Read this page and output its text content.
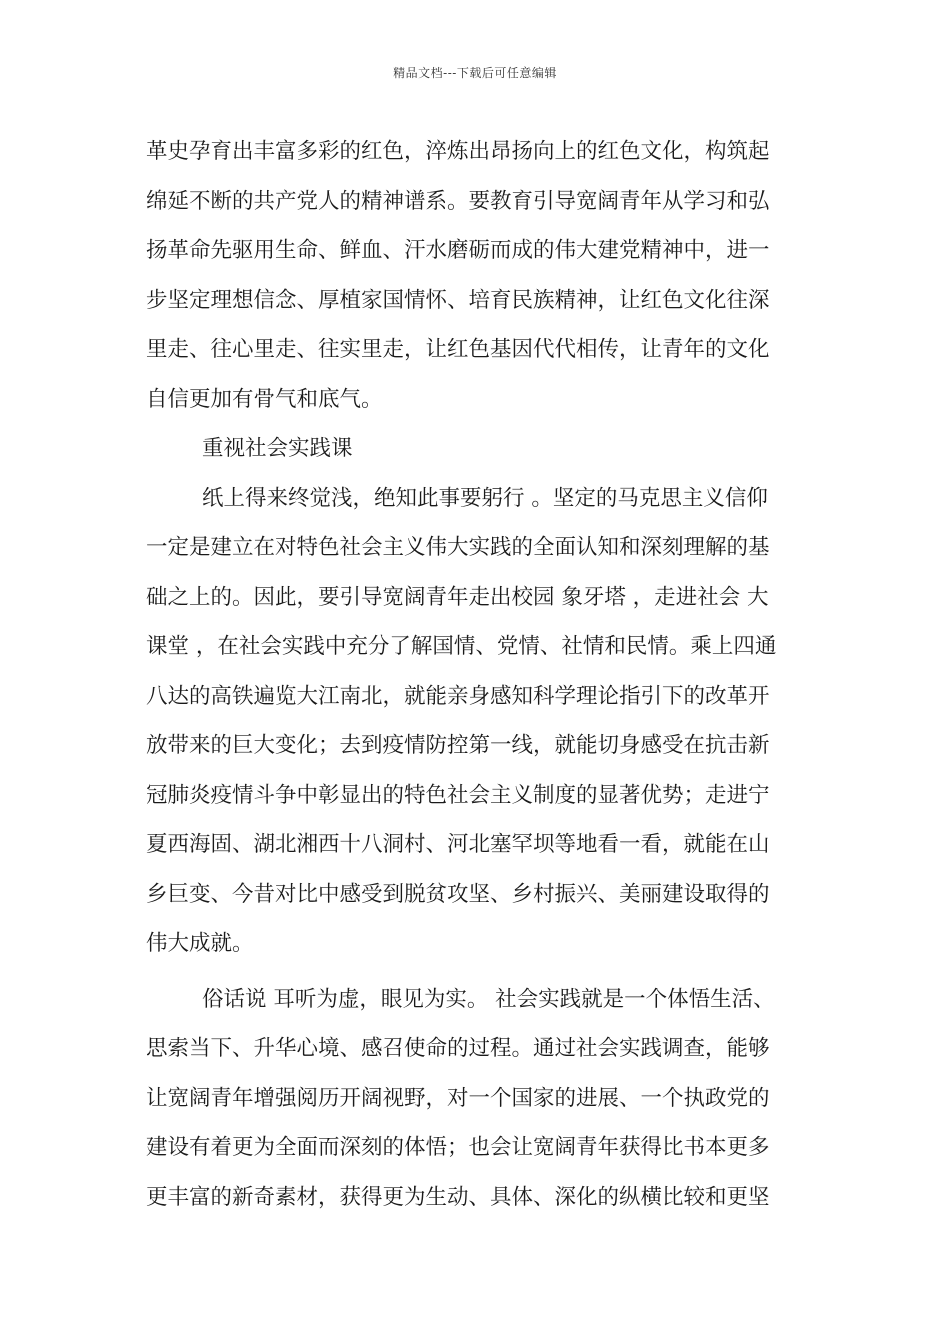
精品文档---下载后可任意编辑
革史孕育出丰富多彩的红色，淬炼出昂扬向上的红色文化，构筑起
绵延不断的共产党人的精神谱系。要教育引导宽阔青年从学习和弘
扬革命先驱用生命、鲜血、汗水磨砺而成的伟大建党精神中，进一
步坚定理想信念、厚植家国情怀、培育民族精神，让红色文化往深
里走、往心里走、往实里走，让红色基因代代相传，让青年的文化
自信更加有骨气和底气。
重视社会实践课
纸上得来终觉浅，绝知此事要躬行 。坚定的马克思主义信仰
一定是建立在对特色社会主义伟大实践的全面认知和深刻理解的基
础之上的。因此，要引导宽阔青年走出校园 象牙塔 ，走进社会 大
课堂 ，在社会实践中充分了解国情、党情、社情和民情。乘上四通
八达的高铁遍览大江南北，就能亲身感知科学理论指引下的改革开
放带来的巨大变化；去到疫情防控第一线，就能切身感受在抗击新
冠肺炎疫情斗争中彰显出的特色社会主义制度的显著优势；走进宁
夏西海固、湖北湘西十八洞村、河北塞罕坝等地看一看，就能在山
乡巨变、今昔对比中感受到脱贫攻坚、乡村振兴、美丽建设取得的
伟大成就。
俗话说 耳听为虚，眼见为实。 社会实践就是一个体悟生活、
思索当下、升华心境、感召使命的过程。通过社会实践调查，能够
让宽阔青年增强阅历开阔视野，对一个国家的进展、一个执政党的
建设有着更为全面而深刻的体悟；也会让宽阔青年获得比书本更多
更丰富的新奇素材，获得更为生动、具体、深化的纵横比较和更坚
